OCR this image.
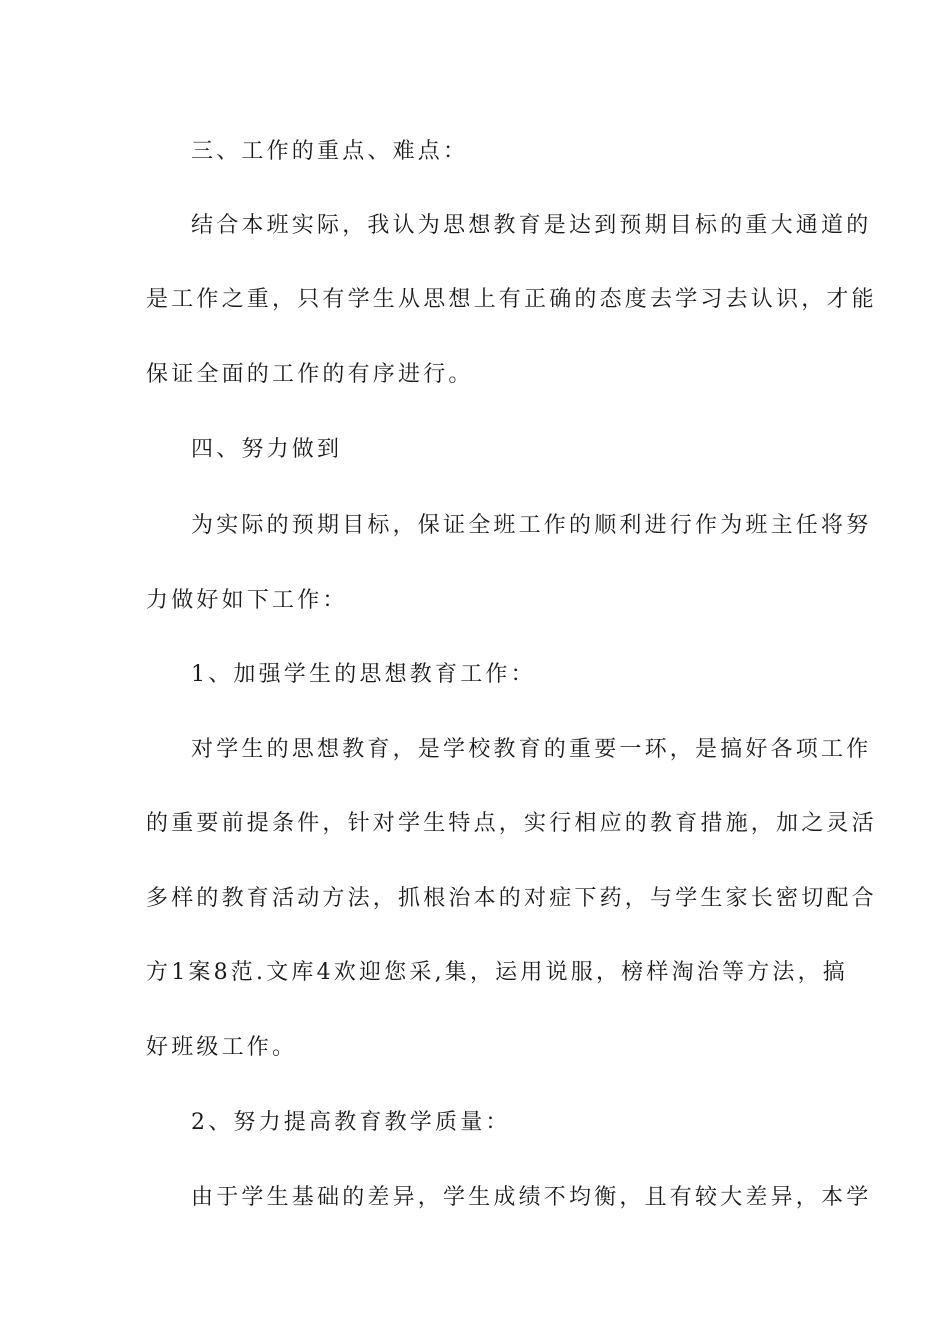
三、工作的重点、难点：
结合本班实际，我认为思想教育是达到预期目标的重大通道的
是工作之重，只有学生从思想上有正确的态度去学习去认识，才能
保证全面的工作的有序进行。
四、努力做到
为实际的预期目标，保证全班工作的顺利进行作为班主任将努
力做好如下工作：
1、加强学生的思想教育工作：
对学生的思想教育，是学校教育的重要一环，是搞好各项工作
的重要前提条件，针对学生特点，实行相应的教育措施，加之灵活
多样的教育活动方法，抓根治本的对症下药，与学生家长密切配合
方1案8范.文库4欢迎您采,集，运用说服，榜样淘治等方法，搞
好班级工作。
2、努力提高教育教学质量：
由于学生基础的差异，学生成绩不均衡，且有较大差异，本学
